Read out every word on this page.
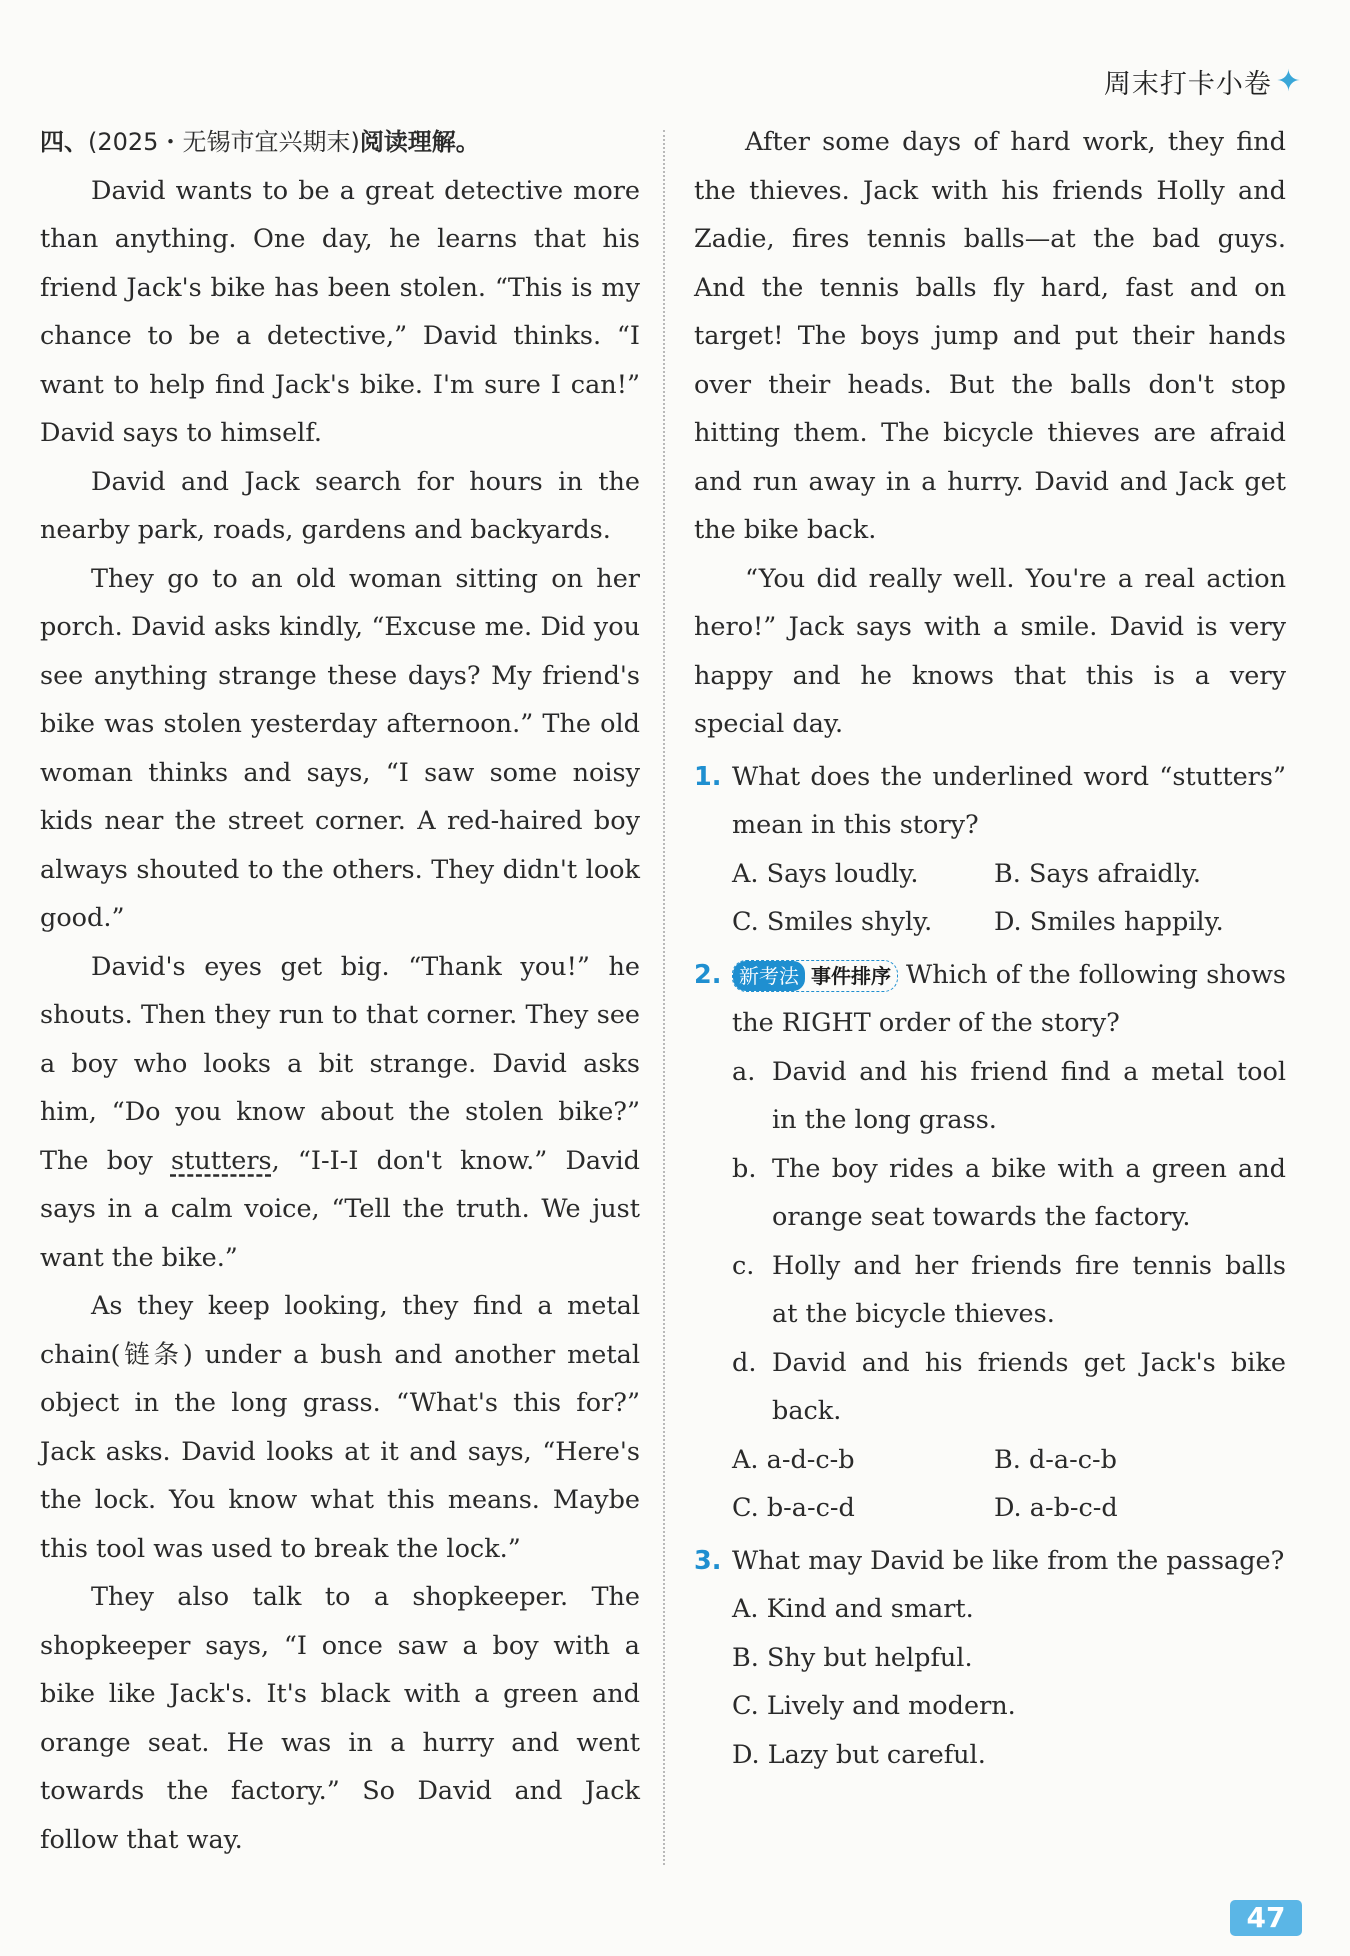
周末打卡小卷 ✦

四、(2025・无锡市宜兴期末)阅读理解。

David wants to be a great detective more than anything. One day, he learns that his friend Jack's bike has been stolen. “This is my chance to be a detective,” David thinks. “I want to help find Jack's bike. I'm sure I can!” David says to himself.

David and Jack search for hours in the nearby park, roads, gardens and backyards.

They go to an old woman sitting on her porch. David asks kindly, “Excuse me. Did you see anything strange these days? My friend's bike was stolen yesterday afternoon.” The old woman thinks and says, “I saw some noisy kids near the street corner. A red-haired boy always shouted to the others. They didn't look good.”

David's eyes get big. “Thank you!” he shouts. Then they run to that corner. They see a boy who looks a bit strange. David asks him, “Do you know about the stolen bike?” The boy stutters, “I-I-I don't know.” David says in a calm voice, “Tell the truth. We just want the bike.”

As they keep looking, they find a metal chain(链条) under a bush and another metal object in the long grass. “What's this for?” Jack asks. David looks at it and says, “Here's the lock. You know what this means. Maybe this tool was used to break the lock.”

They also talk to a shopkeeper. The shopkeeper says, “I once saw a boy with a bike like Jack's. It's black with a green and orange seat. He was in a hurry and went towards the factory.” So David and Jack follow that way.

After some days of hard work, they find the thieves. Jack with his friends Holly and Zadie, fires tennis balls—at the bad guys. And the tennis balls fly hard, fast and on target! The boys jump and put their hands over their heads. But the balls don't stop hitting them. The bicycle thieves are afraid and run away in a hurry. David and Jack get the bike back.

“You did really well. You're a real action hero!” Jack says with a smile. David is very happy and he knows that this is a very special day.

1. What does the underlined word “stutters” mean in this story?
A. Says loudly.	B. Says afraidly.
C. Smiles shyly.	D. Smiles happily.
2. 新考法 事件排序 Which of the following shows the RIGHT order of the story?
a. David and his friend find a metal tool in the long grass.
b. The boy rides a bike with a green and orange seat towards the factory.
c. Holly and her friends fire tennis balls at the bicycle thieves.
d. David and his friends get Jack's bike back.
A. a-d-c-b	B. d-a-c-b
C. b-a-c-d	D. a-b-c-d
3. What may David be like from the passage?
A. Kind and smart.
B. Shy but helpful.
C. Lively and modern.
D. Lazy but careful.
47
